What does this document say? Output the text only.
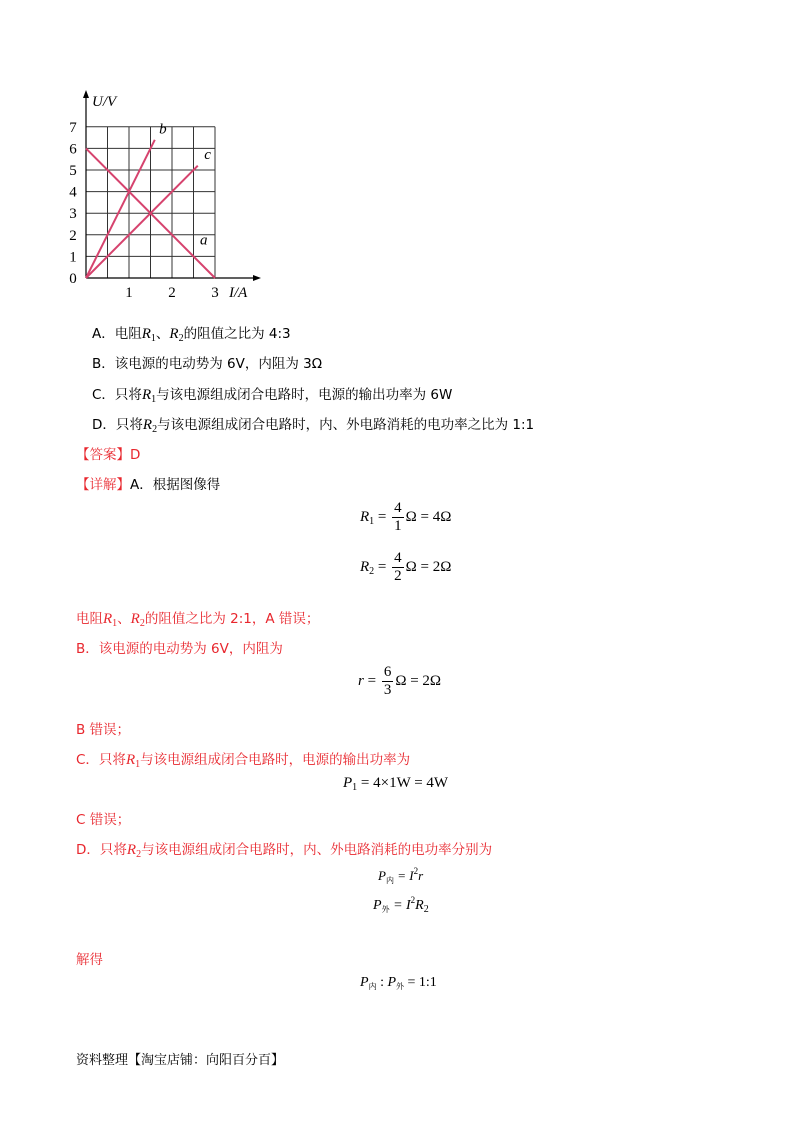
0
1
2
3
4
5
6
7
1 2 3
U/V
I/A
a
b
c
A．电阻$R_1$、$R_2$的阻值之比为 4:3
B．该电源的电动势为 6V，内阻为 3Ω
C．只将$R_1$与该电源组成闭合电路时，电源的输出功率为 6W
D．只将$R_2$与该电源组成闭合电路时，内、外电路消耗的电功率之比为 1:1
【答案】D
【详解】A．根据图像得
$R_1 = \frac{4}{1}$ Ω = 4Ω
$R_2 = \frac{4}{2}$ Ω = 2Ω
电阻$R_1$、$R_2$的阻值之比为 2:1，A 错误；
B．该电源的电动势为 6V，内阻为
$r = \frac{6}{3}$ Ω = 2Ω
B 错误；
C．只将$R_1$与该电源组成闭合电路时，电源的输出功率为
$P_1 = 4\times 1W = 4W$
C 错误；
D．只将$R_2$与该电源组成闭合电路时，内、外电路消耗的电功率分别为
$P_内 = I^2r$
$P_外 = I^2R_2$
解得
$P_内$ : $P_外$ = 1:1
资料整理【淘宝店铺：向阳百分百】
